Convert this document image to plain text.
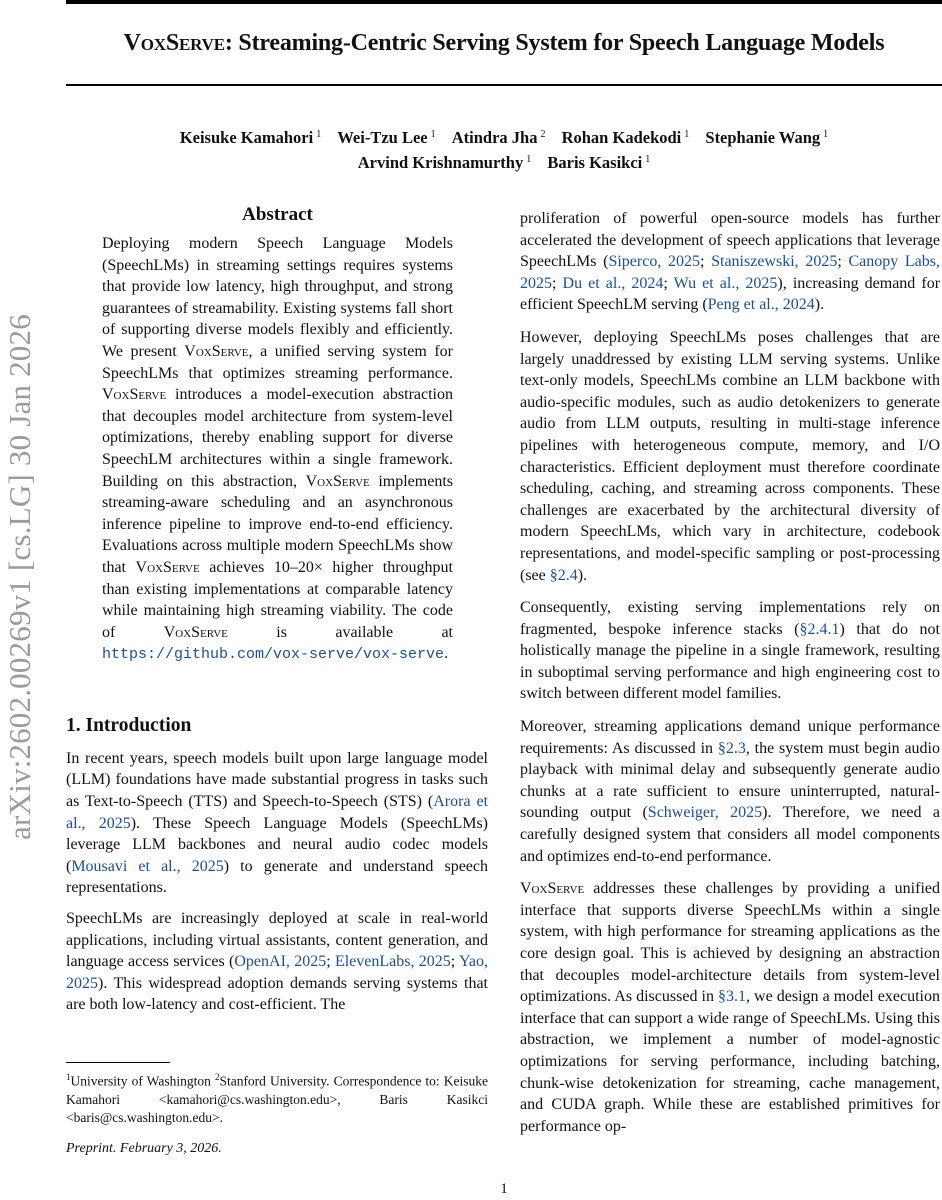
VoxServe: Streaming-Centric Serving System for Speech Language Models
Keisuke Kamahori $^1$ Wei-Tzu Lee $^1$ Atindra Jha $^2$ Rohan Kadekodi $^1$ Stephanie Wang $^1$
Arvind Krishnamurthy $^1$ Baris Kasikci $^1$
arXiv:2602.00269v1 [cs.LG] 30 Jan 2026
Abstract
Deploying modern Speech Language Models (SpeechLMs) in streaming settings requires systems that provide low latency, high throughput, and strong guarantees of streamability. Existing systems fall short of supporting diverse models flexibly and efficiently. We present VoxServe, a unified serving system for SpeechLMs that optimizes streaming performance. VoxServe introduces a model-execution abstraction that decouples model architecture from system-level optimizations, thereby enabling support for diverse SpeechLM architectures within a single framework. Building on this abstraction, VoxServe implements streaming-aware scheduling and an asynchronous inference pipeline to improve end-to-end efficiency. Evaluations across multiple modern SpeechLMs show that VoxServe achieves 10–20× higher throughput than existing implementations at comparable latency while maintaining high streaming viability. The code of VoxServe is available at https://github.com/vox-serve/vox-serve.
1. Introduction

In recent years, speech models built upon large language model (LLM) foundations have made substantial progress in tasks such as Text-to-Speech (TTS) and Speech-to-Speech (STS) (Arora et al., 2025). These Speech Language Models (SpeechLMs) leverage LLM backbones and neural audio codec models (Mousavi et al., 2025) to generate and understand speech representations.

SpeechLMs are increasingly deployed at scale in real-world applications, including virtual assistants, content generation, and language access services (OpenAI, 2025; ElevenLabs, 2025; Yao, 2025). This widespread adoption demands serving systems that are both low-latency and cost-efficient. The

proliferation of powerful open-source models has further accelerated the development of speech applications that leverage SpeechLMs (Siperco, 2025; Staniszewski, 2025; Canopy Labs, 2025; Du et al., 2024; Wu et al., 2025), increasing demand for efficient SpeechLM serving (Peng et al., 2024).

However, deploying SpeechLMs poses challenges that are largely unaddressed by existing LLM serving systems. Unlike text-only models, SpeechLMs combine an LLM backbone with audio-specific modules, such as audio detokenizers to generate audio from LLM outputs, resulting in multi-stage inference pipelines with heterogeneous compute, memory, and I/O characteristics. Efficient deployment must therefore coordinate scheduling, caching, and streaming across components. These challenges are exacerbated by the architectural diversity of modern SpeechLMs, which vary in architecture, codebook representations, and model-specific sampling or post-processing (see §2.4).

Consequently, existing serving implementations rely on fragmented, bespoke inference stacks (§2.4.1) that do not holistically manage the pipeline in a single framework, resulting in suboptimal serving performance and high engineering cost to switch between different model families.

Moreover, streaming applications demand unique performance requirements: As discussed in §2.3, the system must begin audio playback with minimal delay and subsequently generate audio chunks at a rate sufficient to ensure uninterrupted, natural-sounding output (Schweiger, 2025). Therefore, we need a carefully designed system that considers all model components and optimizes end-to-end performance.

VoxServe addresses these challenges by providing a unified interface that supports diverse SpeechLMs within a single system, with high performance for streaming applications as the core design goal. This is achieved by designing an abstraction that decouples model-architecture details from system-level optimizations. As discussed in §3.1, we design a model execution interface that can support a wide range of SpeechLMs. Using this abstraction, we implement a number of model-agnostic optimizations for serving performance, including batching, chunk-wise detokenization for streaming, cache management, and CUDA graph. While these are established primitives for performance op-

$^1$University of Washington $^2$Stanford University. Correspondence to: Keisuke Kamahori <kamahori@cs.washington.edu>, Baris Kasikci <baris@cs.washington.edu>.
Preprint. February 3, 2026.
1
